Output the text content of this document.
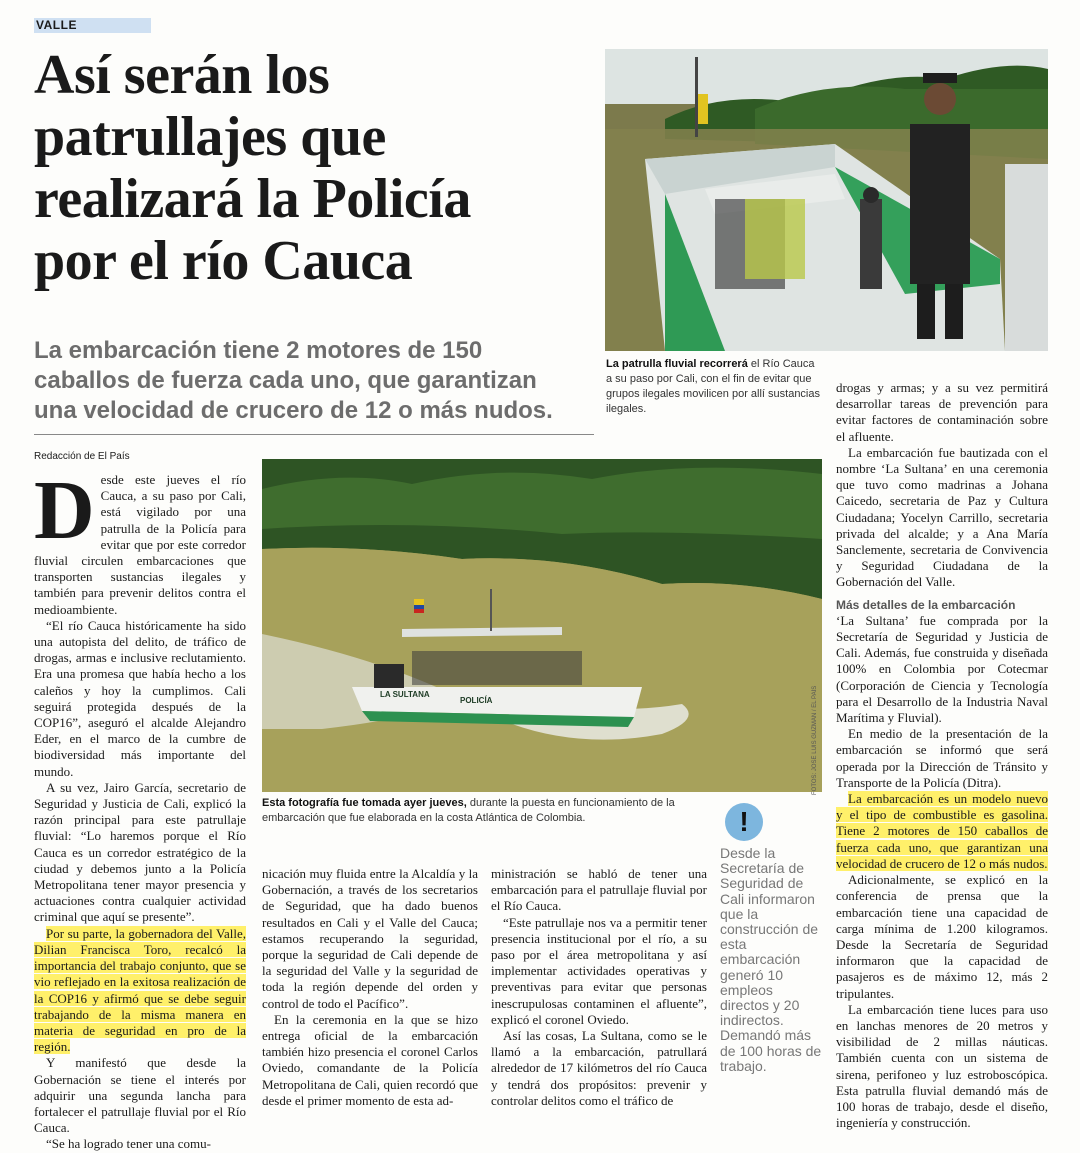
VALLE
Así serán los
patrullajes que
realizará la Policía
por el río Cauca
La embarcación tiene 2 motores de 150
caballos de fuerza cada uno, que garantizan
una velocidad de crucero de 12 o más nudos.
Redacción de El País
La patrulla fluvial recorrerá el Río Cauca a su paso por Cali, con el fin de evitar que grupos ilegales movilicen por allí sustancias ilegales.
LA SULTANA
POLICÍA	FOTOS: JOSÉ LUIS GUZMÁN / EL PAÍS
Esta fotografía fue tomada ayer jueves, durante la puesta en funcionamiento de la embarcación que fue elaborada en la costa Atlántica de Colombia.

Desde este jueves el río Cauca, a su paso por Cali, está vigilado por una patrulla de la Policía para evitar que por este corredor fluvial circulen embarcaciones que transporten sustancias ilegales y también para prevenir delitos contra el medioambiente.

“El río Cauca históricamente ha sido una autopista del delito, de tráfico de drogas, armas e inclusive reclutamiento. Era una promesa que había hecho a los caleños y hoy la cumplimos. Cali seguirá protegida después de la COP16”, aseguró el alcalde Alejandro Eder, en el marco de la cumbre de biodiversidad más importante del mundo.

A su vez, Jairo García, secretario de Seguridad y Justicia de Cali, explicó la razón principal para este patrullaje fluvial: “Lo haremos porque el Río Cauca es un corredor estratégico de la ciudad y debemos junto a la Policía Metropolitana tener mayor presencia y actuaciones contra cualquier actividad criminal que aquí se presente”.

Por su parte, la gobernadora del Valle, Dilian Francisca Toro, recalcó la importancia del trabajo conjunto, que se vio reflejado en la exitosa realización de la COP16 y afirmó que se debe seguir trabajando de la misma manera en materia de seguridad en pro de la región.

Y manifestó que desde la Gobernación se tiene el interés por adquirir una segunda lancha para fortalecer el patrullaje fluvial por el Río Cauca.

“Se ha logrado tener una comu-

nicación muy fluida entre la Alcaldía y la Gobernación, a través de los secretarios de Seguridad, que ha dado buenos resultados en Cali y el Valle del Cauca; estamos recuperando la seguridad, porque la seguridad de Cali depende de la seguridad del Valle y la seguridad de toda la región depende del orden y control de todo el Pacífico”.

En la ceremonia en la que se hizo entrega oficial de la embarcación también hizo presencia el coronel Carlos Oviedo, comandante de la Policía Metropolitana de Cali, quien recordó que desde el primer momento de esta ad-

ministración se habló de tener una embarcación para el patrullaje fluvial por el Río Cauca.

“Este patrullaje nos va a permitir tener presencia institucional por el río, a su paso por el área metropolitana y así implementar actividades operativas y preventivas para evitar que personas inescrupulosas contaminen el afluente”, explicó el coronel Oviedo.

Así las cosas, La Sultana, como se le llamó a la embarcación, patrullará alrededor de 17 kilómetros del río Cauca y tendrá dos propósitos: prevenir y controlar delitos como el tráfico de

!
Desde la Secretaría de Seguridad de Cali informaron que la construcción de esta embarcación generó 10 empleos directos y 20 indirectos. Demandó más de 100 horas de trabajo.

drogas y armas; y a su vez permitirá desarrollar tareas de prevención para evitar factores de contaminación sobre el afluente.

La embarcación fue bautizada con el nombre ‘La Sultana’ en una ceremonia que tuvo como madrinas a Johana Caicedo, secretaria de Paz y Cultura Ciudadana; Yocelyn Carrillo, secretaria privada del alcalde; y a Ana María Sanclemente, secretaria de Convivencia y Seguridad Ciudadana de la Gobernación del Valle.

Más detalles de la embarcación

‘La Sultana’ fue comprada por la Secretaría de Seguridad y Justicia de Cali. Además, fue construida y diseñada 100% en Colombia por Cotecmar (Corporación de Ciencia y Tecnología para el Desarrollo de la Industria Naval Marítima y Fluvial).

En medio de la presentación de la embarcación se informó que será operada por la Dirección de Tránsito y Transporte de la Policía (Ditra).

La embarcación es un modelo nuevo y el tipo de combustible es gasolina. Tiene 2 motores de 150 caballos de fuerza cada uno, que garantizan una velocidad de crucero de 12 o más nudos.

Adicionalmente, se explicó en la conferencia de prensa que la embarcación tiene una capacidad de carga mínima de 1.200 kilogramos. Desde la Secretaría de Seguridad informaron que la capacidad de pasajeros es de máximo 12, más 2 tripulantes.

La embarcación tiene luces para uso en lanchas menores de 20 metros y visibilidad de 2 millas náuticas. También cuenta con un sistema de sirena, perifoneo y luz estroboscópica. Esta patrulla fluvial demandó más de 100 horas de trabajo, desde el diseño, ingeniería y construcción.
